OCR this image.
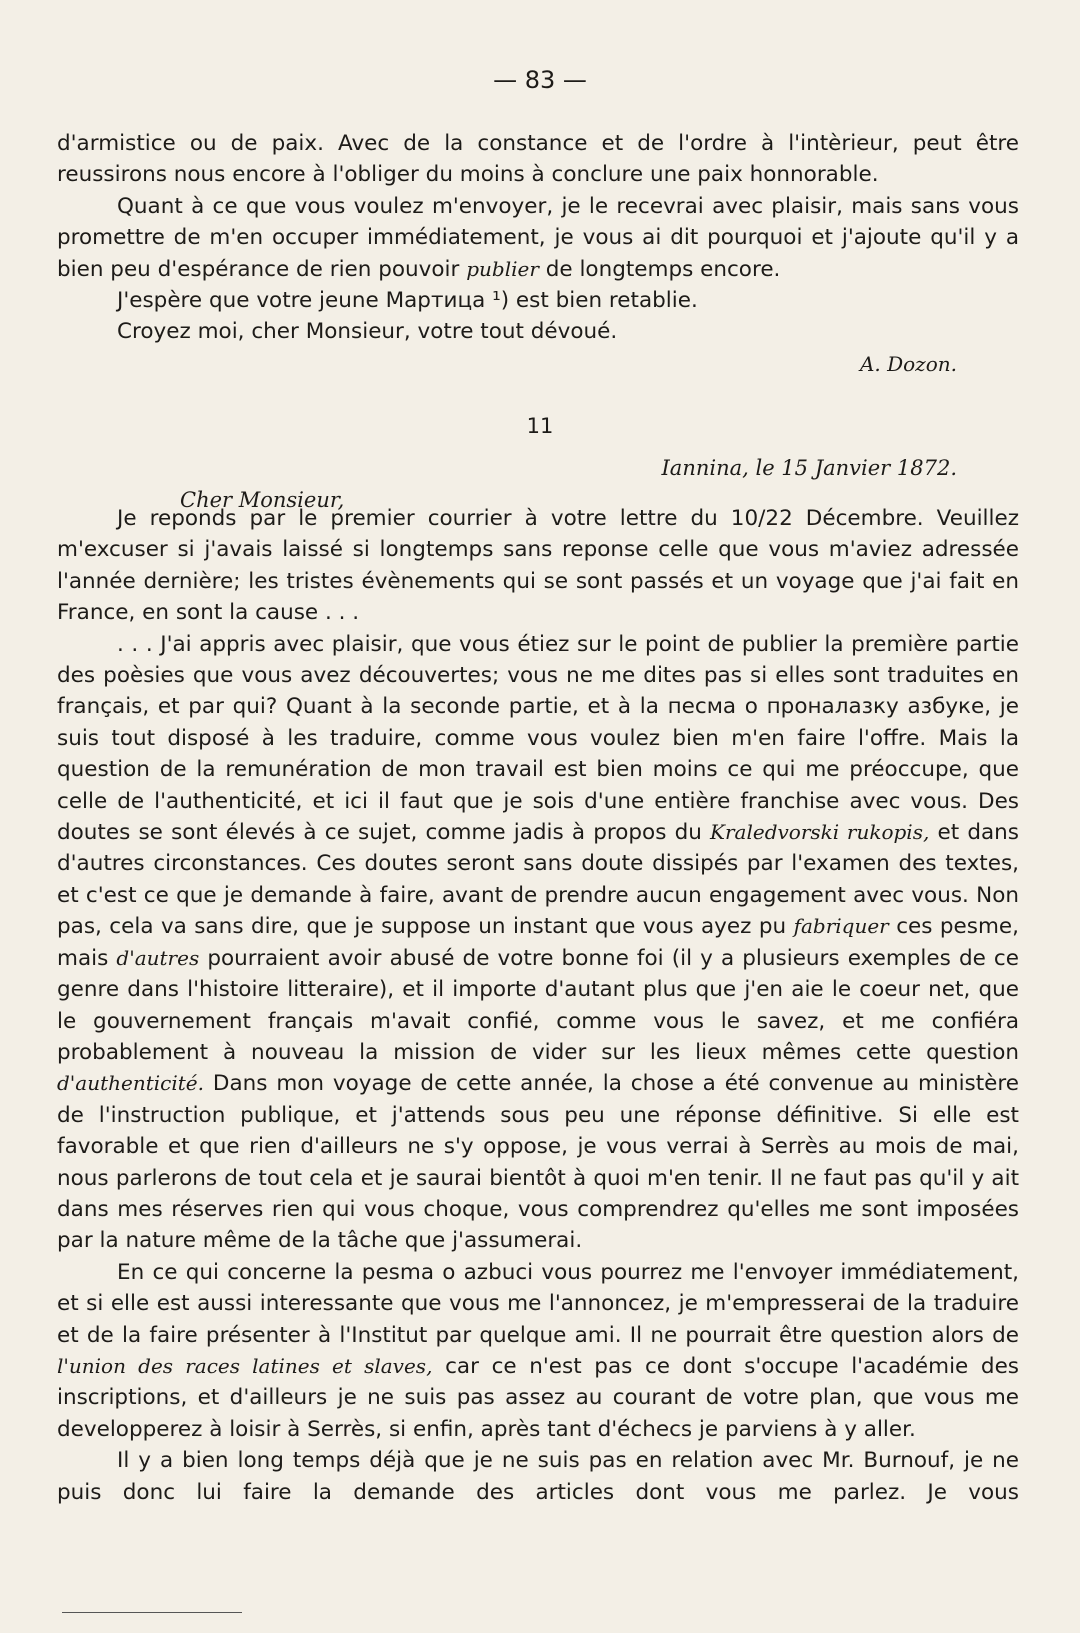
— 83 —

d'armistice ou de paix. Avec de la constance et de l'ordre à l'intèrieur, peut être

reussirons nous encore à l'obliger du moins à conclure une paix honnorable.

Quant à ce que vous voulez m'envoyer, je le recevrai avec plaisir, mais sans vous promettre de m'en occuper immédiatement, je vous ai dit pourquoi et j'ajoute qu'il y a bien peu d'espérance de rien pouvoir publier de longtemps encore.

J'espère que votre jeune Мартица ¹) est bien retablie.

Croyez moi, cher Monsieur, votre tout dévoué.

A. Dozon.
11
Iannina, le 15 Janvier 1872.
Cher Monsieur,

Je reponds par le premier courrier à votre lettre du 10/22 Décembre. Veuillez m'excuser si j'avais laissé si longtemps sans reponse celle que vous m'aviez adressée l'année dernière; les tristes évènements qui se sont passés et un voyage que j'ai fait en France, en sont la cause . . .

. . . J'ai appris avec plaisir, que vous étiez sur le point de publier la première partie des poèsies que vous avez découvertes; vous ne me dites pas si elles sont traduites en français, et par qui? Quant à la seconde partie, et à la песма о проналазку азбуке, je suis tout disposé à les traduire, comme vous voulez bien m'en faire l'offre. Mais la question de la remunération de mon travail est bien moins ce qui me préoccupe, que celle de l'authenticité, et ici il faut que je sois d'une entière franchise avec vous. Des doutes se sont élevés à ce sujet, comme jadis à propos du Kraledvorski rukopis, et dans d'autres circonstances. Ces doutes seront sans doute dissipés par l'examen des textes, et c'est ce que je demande à faire, avant de prendre aucun engagement avec vous. Non pas, cela va sans dire, que je suppose un instant que vous ayez pu fabriquer ces pesme, mais d'autres pourraient avoir abusé de votre bonne foi (il y a plusieurs exemples de ce genre dans l'histoire litteraire), et il importe d'autant plus que j'en aie le coeur net, que le gouvernement français m'avait confié, comme vous le savez, et me confiéra probablement à nouveau la mission de vider sur les lieux mêmes cette question d'authenticité. Dans mon voyage de cette année, la chose a été convenue au ministère de l'instruction publique, et j'attends sous peu une réponse définitive. Si elle est favorable et que rien d'ailleurs ne s'y oppose, je vous verrai à Serrès au mois de mai, nous parlerons de tout cela et je saurai bientôt à quoi m'en tenir. Il ne faut pas qu'il y ait dans mes réserves rien qui vous choque, vous comprendrez qu'elles me sont imposées par la nature même de la tâche que j'assumerai.

En ce qui concerne la pesma o azbuci vous pourrez me l'envoyer immédiatement, et si elle est aussi interessante que vous me l'annoncez, je m'empresserai de la traduire et de la faire présenter à l'Institut par quelque ami. Il ne pourrait être question alors de l'union des races latines et slaves, car ce n'est pas ce dont s'occupe l'académie des inscriptions, et d'ailleurs je ne suis pas assez au courant de votre plan, que vous me developperez à loisir à Serrès, si enfin, après tant d'échecs je parviens à y aller.

Il y a bien long temps déjà que je ne suis pas en relation avec Mr. Burnouf, je ne puis donc lui faire la demande des articles dont vous me parlez. Je vous
